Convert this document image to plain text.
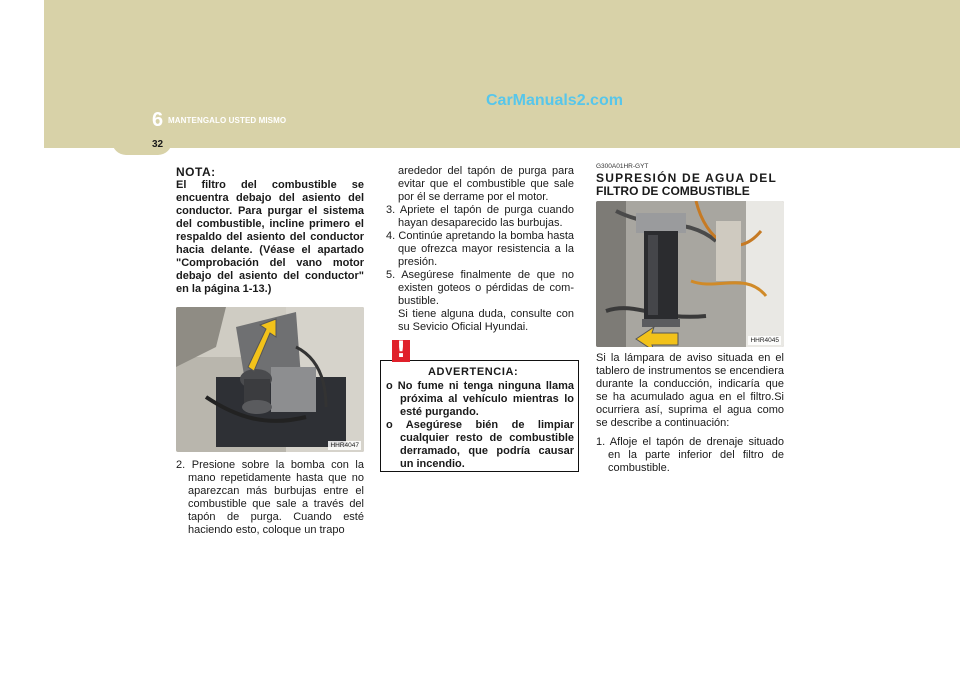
6 MANTENGALO USTED MISMO
CarManuals2.com
32

NOTA:

El filtro del combustible se encuentra debajo del asiento del conductor. Para purgar el sistema del combustible, incline primero el respaldo del asiento del conductor hacia delante. (Véase el apartado "Comprobación del vano motor debajo del asiento del conductor" en la página 1-13.)

HHR4047
2. Presione sobre la bomba con la mano repetidamente hasta que no aparezcan más burbujas entre el combustible que sale a través del tapón de purga. Cuando esté haciendo esto, coloque un trapo
arededor del tapón de purga para evitar que el combustible que sale por él se derrame por el motor.
3. Apriete el tapón de purga cuando hayan desaparecido las burbujas.
4. Continúe apretando la bomba hasta que ofrezca mayor resistencia a la presión.
5. Asegúrese finalmente de que no existen goteos o pérdidas de com-bustible.
Si tiene alguna duda, consulte con su Sevicio Oficial Hyundai.
!
ADVERTENCIA:
o No fume ni tenga ninguna llama próxima al vehículo mientras lo esté purgando.
o Asegúrese bién de limpiar cualquier resto de combustible derramado, que podría causar un incendio.
G300A01HR-GYT
SUPRESIÓN DE AGUA DEL
FILTRO DE COMBUSTIBLE
HHR4045

Si la lámpara de aviso situada en el tablero de instrumentos se encendiera durante la conducción, indicaría que se ha acumulado agua en el filtro.Si ocurriera así, suprima el agua como se describe a continuación:

1. Afloje el tapón de drenaje situado en la parte inferior del filtro de combustible.
